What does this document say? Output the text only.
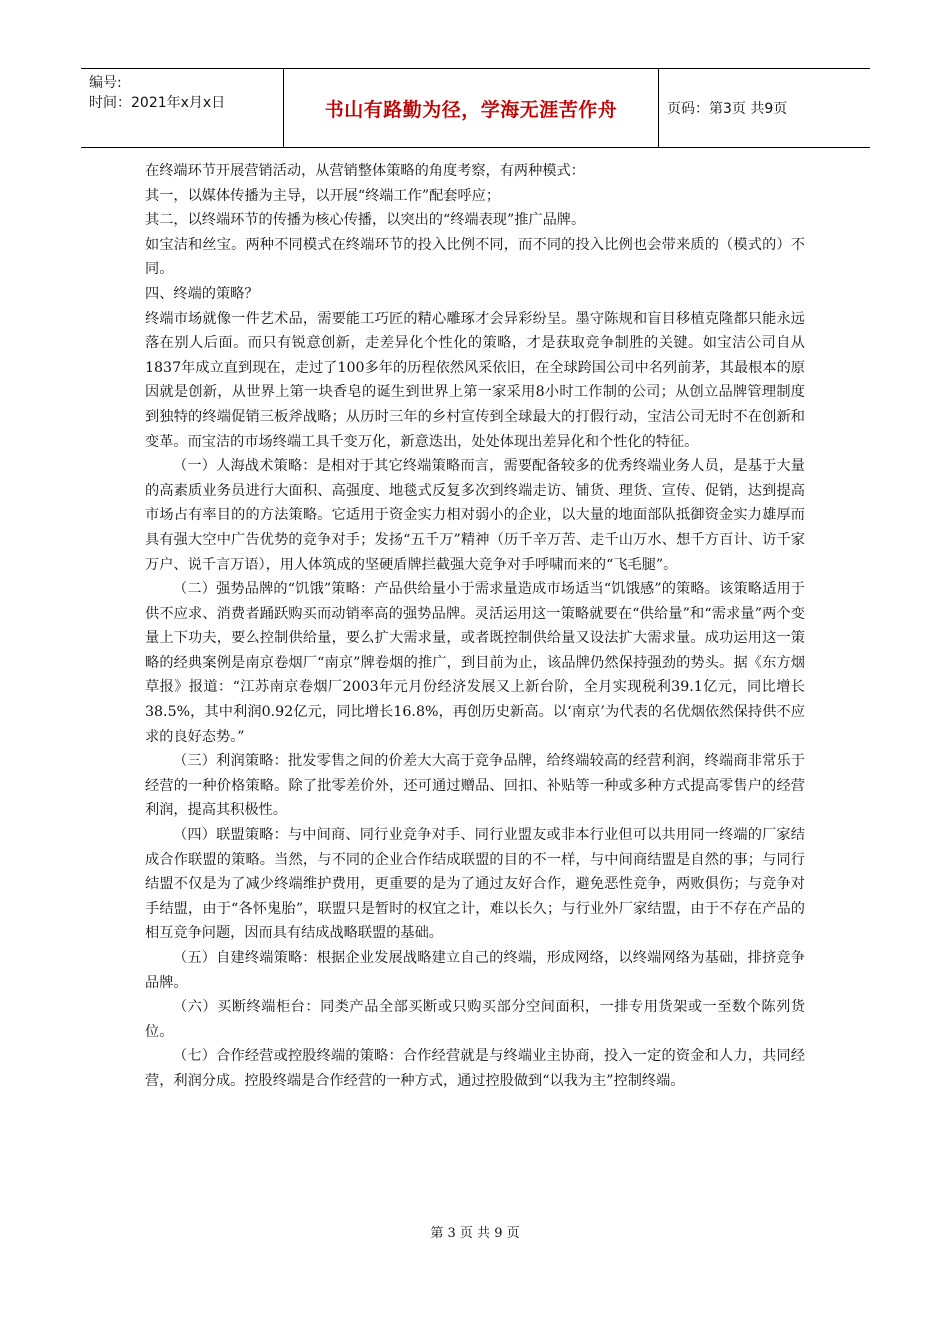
编号:
时间：2021年x月x日	书山有路勤为径，学海无涯苦作舟	页码：第3页 共9页

在终端环节开展营销活动，从营销整体策略的角度考察，有两种模式：

其一，以媒体传播为主导，以开展“终端工作”配套呼应；

其二，以终端环节的传播为核心传播，以突出的“终端表现”推广品牌。

如宝洁和丝宝。两种不同模式在终端环节的投入比例不同，而不同的投入比例也会带来质的（模式的）不同。

四、终端的策略？

终端市场就像一件艺术品，需要能工巧匠的精心雕琢才会异彩纷呈。墨守陈规和盲目移植克隆都只能永远落在别人后面。而只有锐意创新，走差异化个性化的策略，才是获取竞争制胜的关键。如宝洁公司自从1837年成立直到现在，走过了100多年的历程依然风采依旧，在全球跨国公司中名列前茅，其最根本的原因就是创新，从世界上第一块香皂的诞生到世界上第一家采用8小时工作制的公司；从创立品牌管理制度到独特的终端促销三板斧战略；从历时三年的乡村宣传到全球最大的打假行动，宝洁公司无时不在创新和变革。而宝洁的市场终端工具千变万化，新意迭出，处处体现出差异化和个性化的特征。

（一）人海战术策略：是相对于其它终端策略而言，需要配备较多的优秀终端业务人员，是基于大量的高素质业务员进行大面积、高强度、地毯式反复多次到终端走访、铺货、理货、宣传、促销，达到提高市场占有率目的的方法策略。它适用于资金实力相对弱小的企业，以大量的地面部队抵御资金实力雄厚而具有强大空中广告优势的竞争对手；发扬“五千万”精神（历千辛万苦、走千山万水、想千方百计、访千家万户、说千言万语），用人体筑成的坚硬盾牌拦截强大竞争对手呼啸而来的“飞毛腿”。

（二）强势品牌的“饥饿”策略：产品供给量小于需求量造成市场适当“饥饿感”的策略。该策略适用于供不应求、消费者踊跃购买而动销率高的强势品牌。灵活运用这一策略就要在“供给量”和“需求量”两个变量上下功夫，要么控制供给量，要么扩大需求量，或者既控制供给量又设法扩大需求量。成功运用这一策略的经典案例是南京卷烟厂“南京”牌卷烟的推广，到目前为止，该品牌仍然保持强劲的势头。据《东方烟草报》报道：“江苏南京卷烟厂2003年元月份经济发展又上新台阶，全月实现税利39.1亿元，同比增长38.5%，其中利润0.92亿元，同比增长16.8%，再创历史新高。以‘南京’为代表的名优烟依然保持供不应求的良好态势。”

（三）利润策略：批发零售之间的价差大大高于竞争品牌，给终端较高的经营利润，终端商非常乐于经营的一种价格策略。除了批零差价外，还可通过赠品、回扣、补贴等一种或多种方式提高零售户的经营利润，提高其积极性。

（四）联盟策略：与中间商、同行业竞争对手、同行业盟友或非本行业但可以共用同一终端的厂家结成合作联盟的策略。当然，与不同的企业合作结成联盟的目的不一样，与中间商结盟是自然的事；与同行结盟不仅是为了减少终端维护费用，更重要的是为了通过友好合作，避免恶性竞争，两败俱伤；与竞争对手结盟，由于“各怀鬼胎”，联盟只是暂时的权宜之计，难以长久；与行业外厂家结盟，由于不存在产品的相互竞争问题，因而具有结成战略联盟的基础。

（五）自建终端策略：根据企业发展战略建立自己的终端，形成网络，以终端网络为基础，排挤竞争品牌。

（六）买断终端柜台：同类产品全部买断或只购买部分空间面积，一排专用货架或一至数个陈列货位。

（七）合作经营或控股终端的策略：合作经营就是与终端业主协商，投入一定的资金和人力，共同经营，利润分成。控股终端是合作经营的一种方式，通过控股做到“以我为主”控制终端。

第 3 页 共 9 页
